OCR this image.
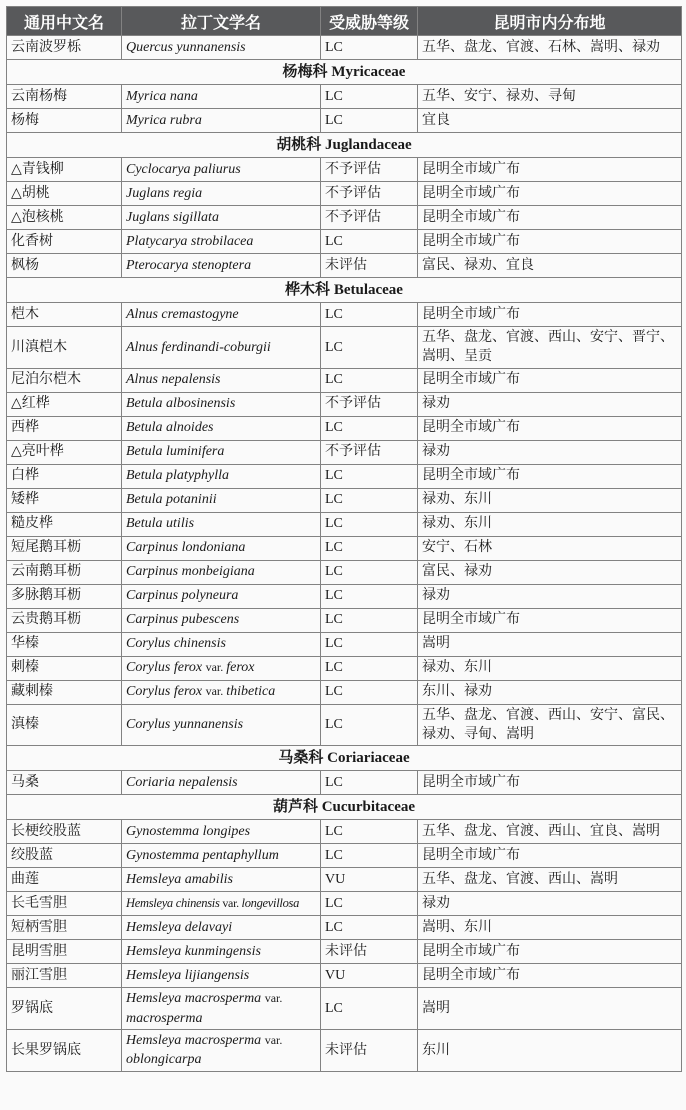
通用中文名	拉丁文学名	受威胁等级	昆明市内分布地
云南波罗栎	Quercus yunnanensis	LC	五华、盘龙、官渡、石林、嵩明、禄劝
杨梅科 Myricaceae			
云南杨梅	Myrica nana	LC	五华、安宁、禄劝、寻甸
杨梅	Myrica rubra	LC	宜良
胡桃科 Juglandaceae			
△青钱柳	Cyclocarya paliurus	不予评估	昆明全市域广布
△胡桃	Juglans regia	不予评估	昆明全市域广布
△泡核桃	Juglans sigillata	不予评估	昆明全市域广布
化香树	Platycarya strobilacea	LC	昆明全市域广布
枫杨	Pterocarya stenoptera	未评估	富民、禄劝、宜良
桦木科 Betulaceae			
桤木	Alnus cremastogyne	LC	昆明全市域广布
川滇桤木	Alnus ferdinandi-coburgii	LC	五华、盘龙、官渡、西山、安宁、晋宁、嵩明、呈贡
尼泊尔桤木	Alnus nepalensis	LC	昆明全市域广布
△红桦	Betula albosinensis	不予评估	禄劝
西桦	Betula alnoides	LC	昆明全市域广布
△亮叶桦	Betula luminifera	不予评估	禄劝
白桦	Betula platyphylla	LC	昆明全市域广布
矮桦	Betula potaninii	LC	禄劝、东川
糙皮桦	Betula utilis	LC	禄劝、东川
短尾鹅耳枥	Carpinus londoniana	LC	安宁、石林
云南鹅耳枥	Carpinus monbeigiana	LC	富民、禄劝
多脉鹅耳枥	Carpinus polyneura	LC	禄劝
云贵鹅耳枥	Carpinus pubescens	LC	昆明全市域广布
华榛	Corylus chinensis	LC	嵩明
刺榛	Corylus ferox var. ferox	LC	禄劝、东川
藏刺榛	Corylus ferox var. thibetica	LC	东川、禄劝
滇榛	Corylus yunnanensis	LC	五华、盘龙、官渡、西山、安宁、富民、禄劝、寻甸、嵩明
马桑科 Coriariaceae			
马桑	Coriaria nepalensis	LC	昆明全市域广布
葫芦科 Cucurbitaceae			
长梗绞股蓝	Gynostemma longipes	LC	五华、盘龙、官渡、西山、宜良、嵩明
绞股蓝	Gynostemma pentaphyllum	LC	昆明全市域广布
曲莲	Hemsleya amabilis	VU	五华、盘龙、官渡、西山、嵩明
长毛雪胆	Hemsleya chinensis var. longevillosa	LC	禄劝
短柄雪胆	Hemsleya delavayi	LC	嵩明、东川
昆明雪胆	Hemsleya kunmingensis	未评估	昆明全市域广布
丽江雪胆	Hemsleya lijiangensis	VU	昆明全市域广布
罗锅底	Hemsleya macrosperma var. macrosperma	LC	嵩明
长果罗锅底	Hemsleya macrosperma var. oblongicarpa	未评估	东川
